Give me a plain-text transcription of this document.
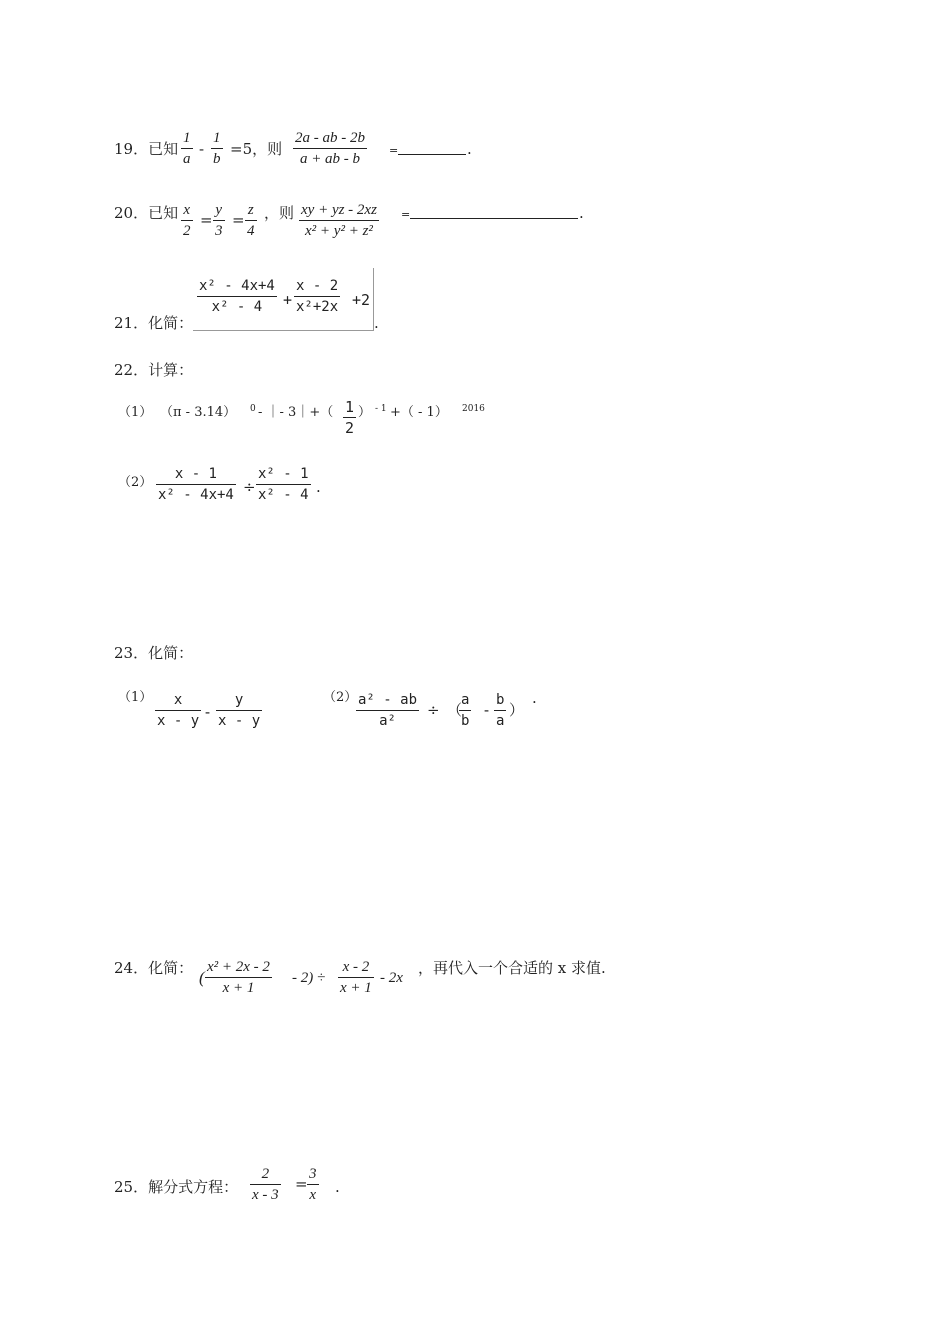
19．已知
1
a
-
1
b
=5，则
2a - ab - 2b
a + ab - b
=	.
20．已知 x
2
=
y
3
=
z
4
，则 xy + yz - 2xz
x² + y² + z²
=	.
21．化简：
x² - 4x+4
x² - 4 +
x - 2
x²+2x +2
.
22．计算：
（1） （π - 3.14） 0 - ｜- 3｜+（ 1
2
） - 1 +（ - 1） 2016
（2）
x - 1
x² - 4x+4 ÷
x² - 1
x² - 4 .
23．化简：
（1） x
x - y -
y
x - y
（2） a² - ab
a²
÷ （
a
b
-
b
a
）
.
24．化简： (
x² + 2x - 2
x + 1
- 2) ÷
x - 2
x + 1
- 2x
，再代入一个合适的 x 求值.
25．解分式方程：
2
x - 3
=
3
x .
